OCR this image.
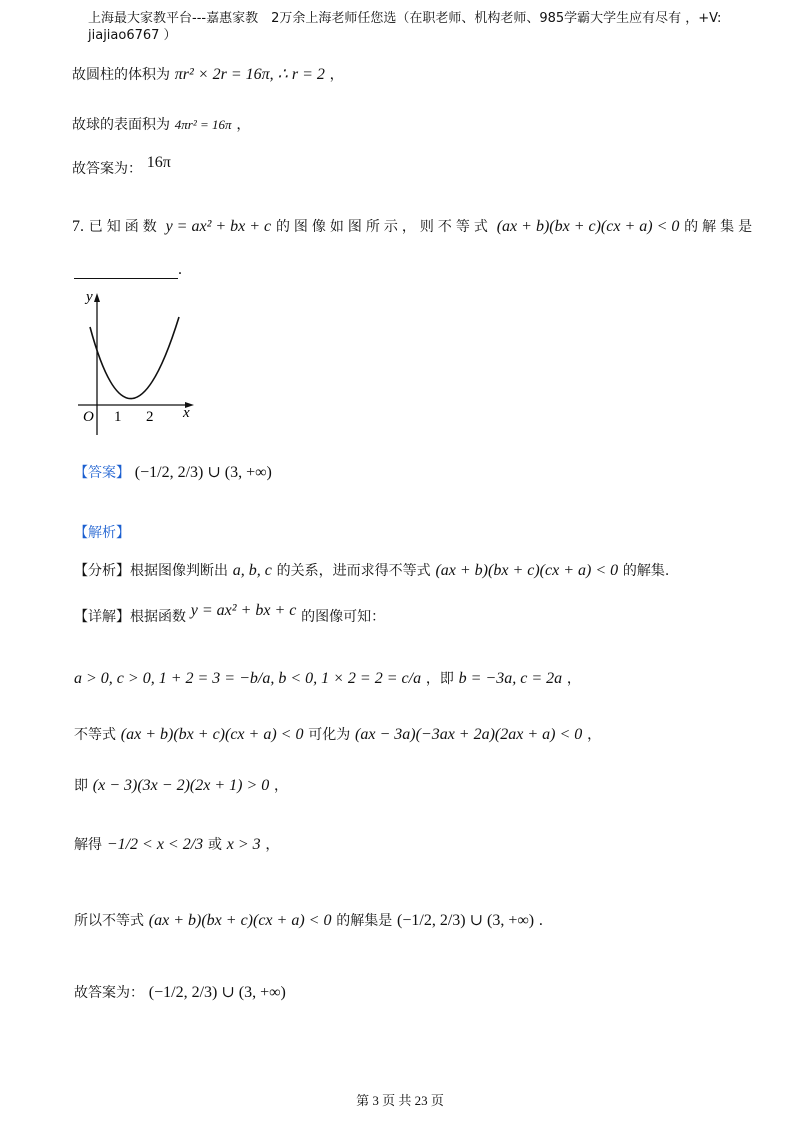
上海最大家教平台---嘉惠家教　2万余上海老师任您选（在职老师、机构老师、985学霸大学生应有尽有 ，+V:
jiajiao6767 ）
故圆柱的体积为 πr² × 2r = 16π, ∴ r = 2 ，
故球的表面积为 4πr² = 16π ，
故答案为： 16π
7. 已知函数 y = ax² + bx + c 的图像如图所示，则不等式 (ax + b)(bx + c)(cx + a) < 0 的解集是
.
y
x
O 1 2
【答案】 (−1/2, 2/3) ∪ (3, +∞)
【解析】
【分析】根据图像判断出 a, b, c 的关系，进而求得不等式 (ax + b)(bx + c)(cx + a) < 0 的解集.
【详解】根据函数 y = ax² + bx + c 的图像可知：
a > 0, c > 0, 1 + 2 = 3 = −b/a, b < 0, 1 × 2 = 2 = c/a ，即 b = −3a, c = 2a ，
不等式 (ax + b)(bx + c)(cx + a) < 0 可化为 (ax − 3a)(−3ax + 2a)(2ax + a) < 0 ，
即 (x − 3)(3x − 2)(2x + 1) > 0 ，
解得 −1/2 < x < 2/3 或 x > 3 ，
所以不等式 (ax + b)(bx + c)(cx + a) < 0 的解集是 (−1/2, 2/3) ∪ (3, +∞) .
故答案为： (−1/2, 2/3) ∪ (3, +∞)
第 3 页 共 23 页
